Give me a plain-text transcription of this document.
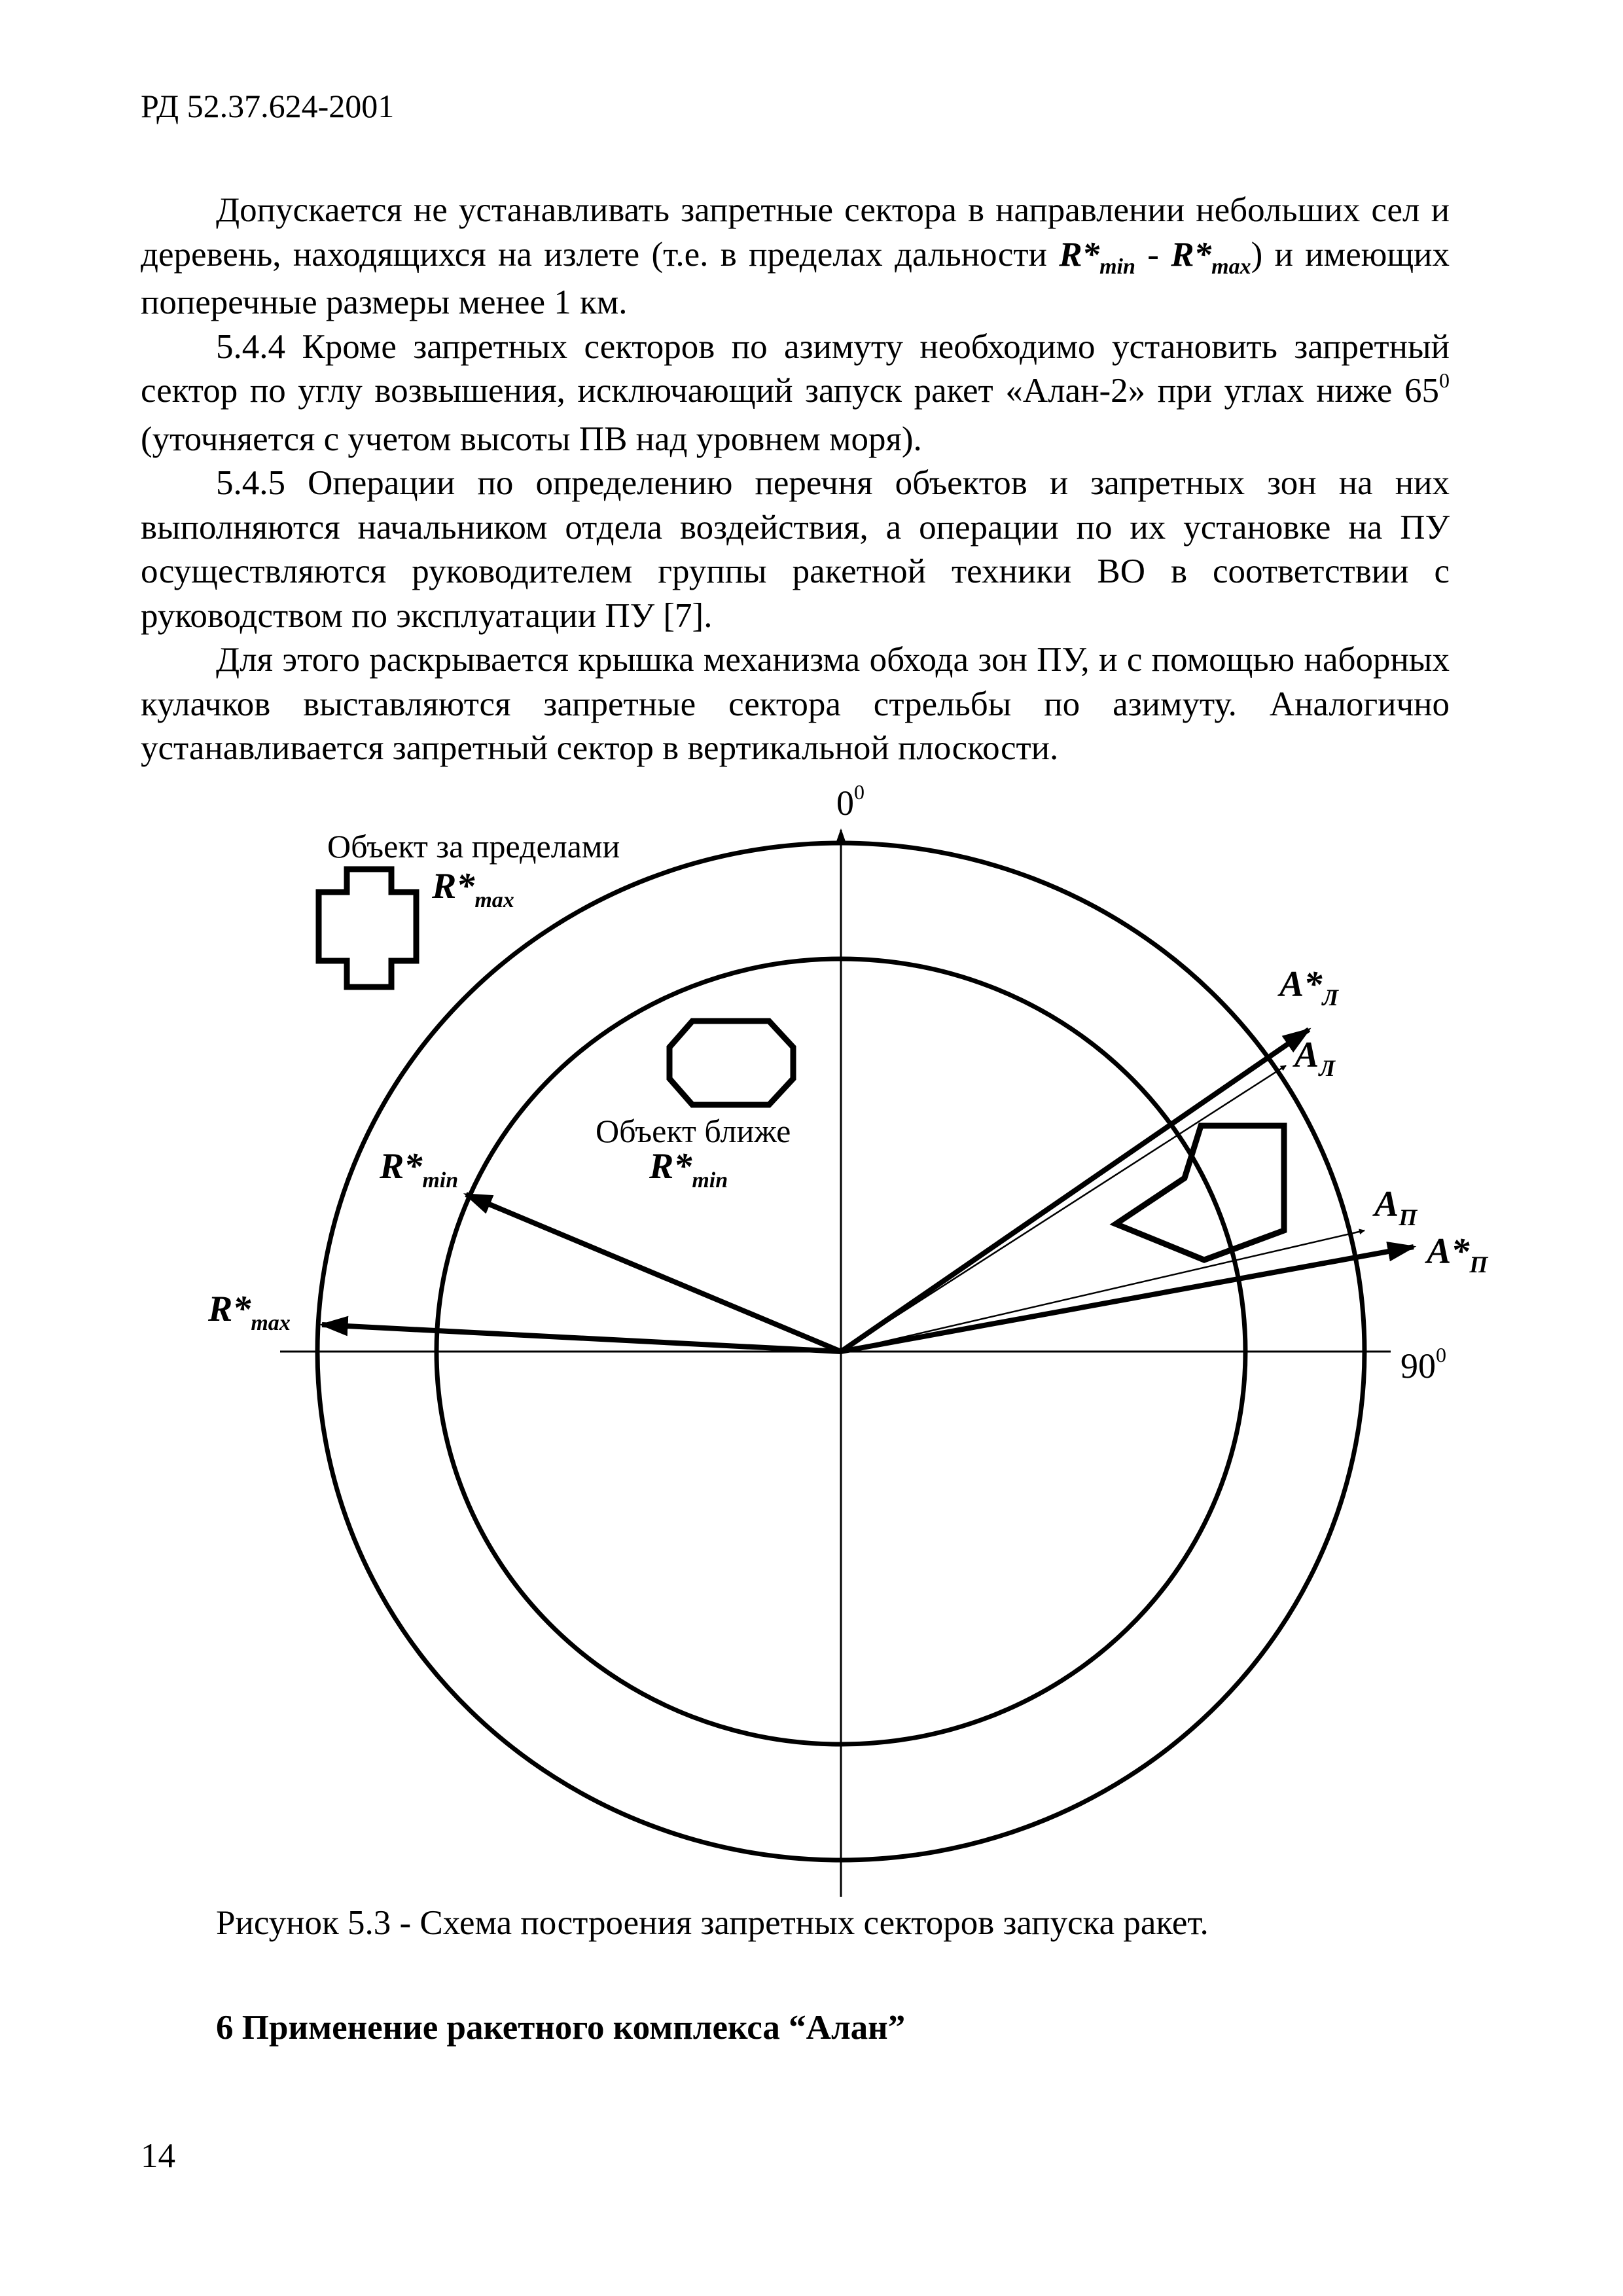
РД 52.37.624-2001

Допускается не устанавливать запретные сектора в направлении небольших сел и деревень, находящихся на излете (т.е. в пределах дальности $R*_{min} - R*_{max}$) и имеющих поперечные размеры менее 1 км.

5.4.4 Кроме запретных секторов по азимуту необходимо установить запретный сектор по углу возвышения, исключающий запуск ракет «Алан-2» при углах ниже $65^0$ (уточняется с учетом высоты ПВ над уровнем моря).

5.4.5 Операции по определению перечня объектов и запретных зон на них выполняются начальником отдела воздействия, а операции по их установке на ПУ осуществляются руководителем группы ракетной техники ВО в соответствии с руководством по эксплуатации ПУ [7].

Для этого раскрывается крышка механизма обхода зон ПУ, и с помощью наборных кулачков выставляются запретные сектора стрельбы по азимуту. Аналогично устанавливается запретный сектор в вертикальной плоскости.

$0^0$
$90^0$
Объект за пределами
$R*_{max}$
Объект ближе
$R*_{min}$
$R*_{min}$
$R*_{max}$
$A*_Л$
$A_Л$
$A_П$
$A*_П$
Рисунок 5.3 - Схема построения запретных секторов запуска ракет.
6 Применение ракетного комплекса “Алан”
14
